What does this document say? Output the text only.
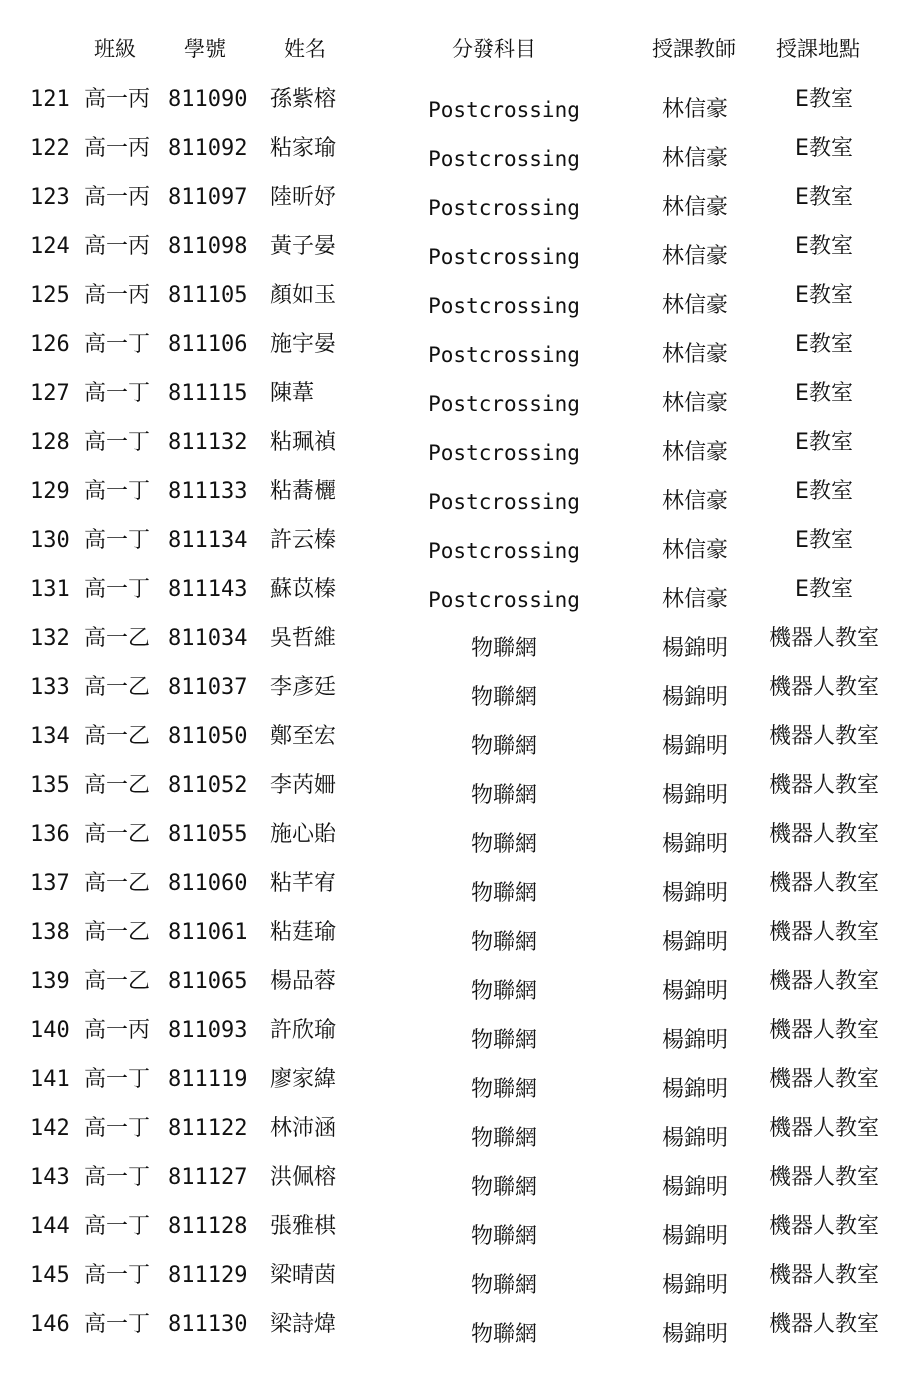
班級 學號	姓名	分發科目	授課教師 授課地點
121 高一丙 811090 孫紫榕	Postcrossing	林信豪	E教室
122 高一丙 811092 粘家瑜	Postcrossing	林信豪	E教室
123 高一丙 811097 陸昕妤	Postcrossing	林信豪	E教室
124 高一丙 811098 黃子晏	Postcrossing	林信豪	E教室
125 高一丙 811105 顏如玉	Postcrossing	林信豪	E教室
126 高一丁 811106 施宇晏	Postcrossing	林信豪	E教室
127 高一丁 811115 陳葦	Postcrossing	林信豪	E教室
128 高一丁 811132 粘珮禎	Postcrossing	林信豪	E教室
129 高一丁 811133 粘蕎欐	Postcrossing	林信豪	E教室
130 高一丁 811134 許云榛	Postcrossing	林信豪	E教室
131 高一丁 811143 蘇苡榛	Postcrossing	林信豪	E教室
132 高一乙 811034 吳哲維	物聯網	楊錦明	機器人教室
133 高一乙 811037 李彥廷	物聯網	楊錦明	機器人教室
134 高一乙 811050 鄭至宏	物聯網	楊錦明	機器人教室
135 高一乙 811052 李芮姍	物聯網	楊錦明	機器人教室
136 高一乙 811055 施心貽	物聯網	楊錦明	機器人教室
137 高一乙 811060 粘芊宥	物聯網	楊錦明	機器人教室
138 高一乙 811061 粘莛瑜	物聯網	楊錦明	機器人教室
139 高一乙 811065 楊品蓉	物聯網	楊錦明	機器人教室
140 高一丙 811093 許欣瑜	物聯網	楊錦明	機器人教室
141 高一丁 811119 廖家緯	物聯網	楊錦明	機器人教室
142 高一丁 811122 林沛涵	物聯網	楊錦明	機器人教室
143 高一丁 811127 洪佩榕	物聯網	楊錦明	機器人教室
144 高一丁 811128 張雅棋	物聯網	楊錦明	機器人教室
145 高一丁 811129 梁晴茵	物聯網	楊錦明	機器人教室
146 高一丁 811130 梁詩煒	物聯網	楊錦明	機器人教室
